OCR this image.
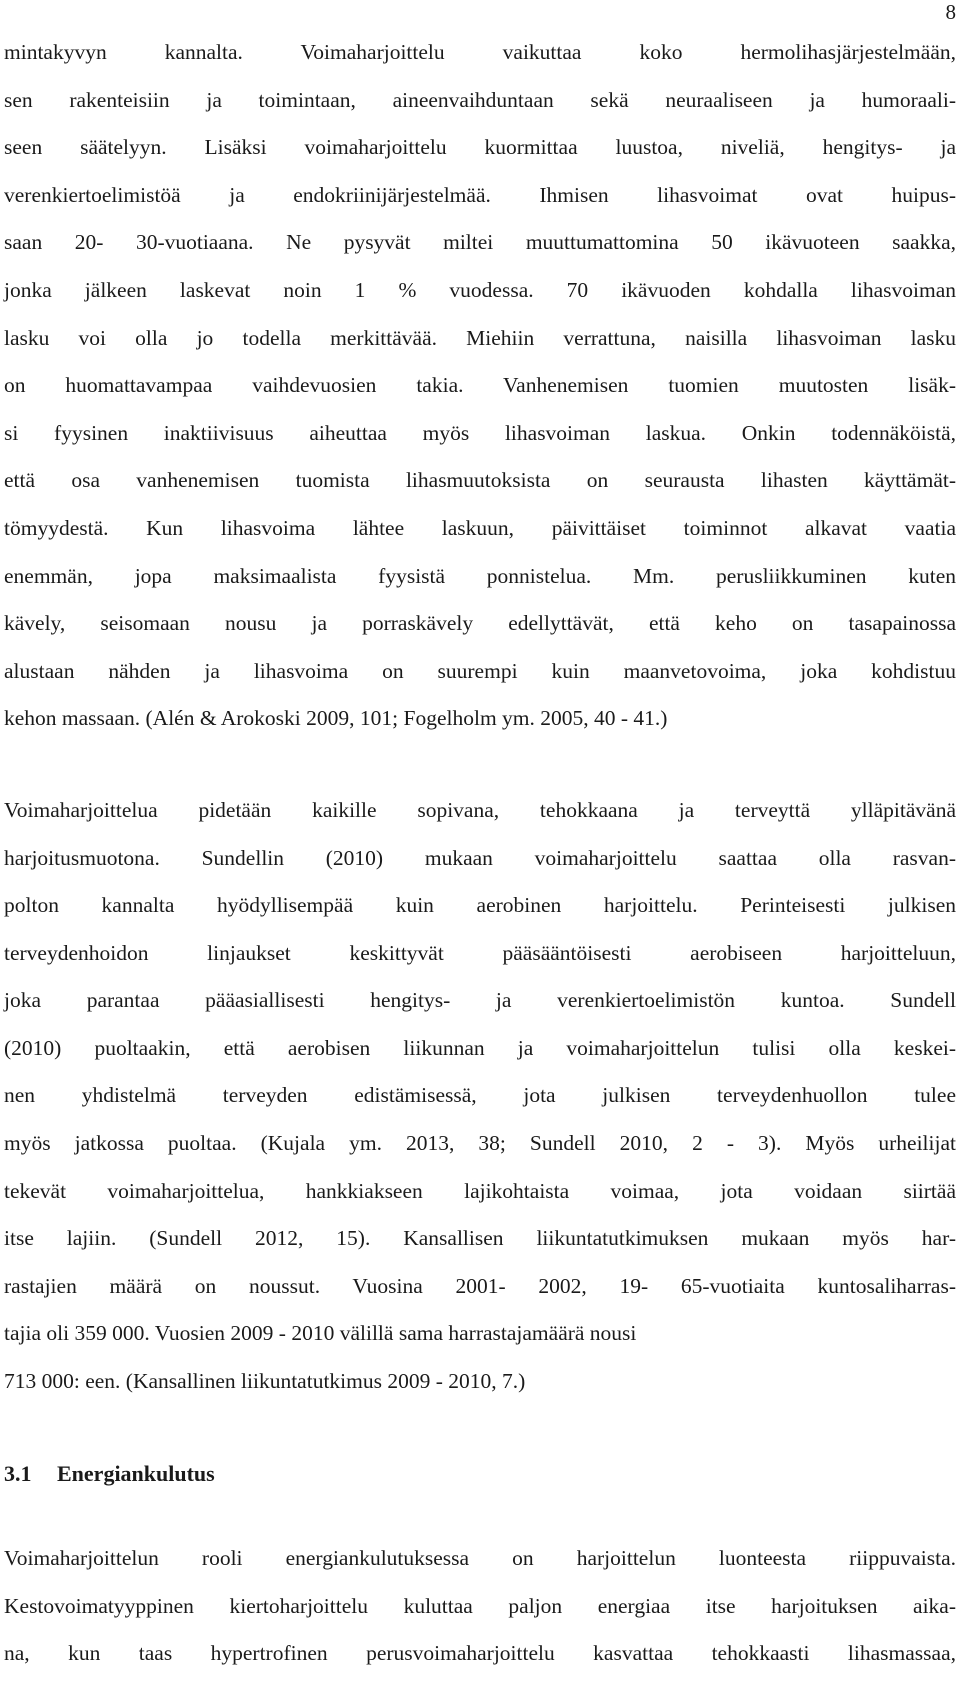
8
mintakyvyn kannalta. Voimaharjoittelu vaikuttaa koko hermolihasjärjestelmään,
sen rakenteisiin ja toimintaan, aineenvaihduntaan sekä neuraaliseen ja humoraali-
seen säätelyyn. Lisäksi voimaharjoittelu kuormittaa luustoa, niveliä, hengitys- ja
verenkiertoelimistöä ja endokriinijärjestelmää. Ihmisen lihasvoimat ovat huipus-
saan 20- 30-vuotiaana. Ne pysyvät miltei muuttumattomina 50 ikävuoteen saakka,
jonka jälkeen laskevat noin 1 % vuodessa. 70 ikävuoden kohdalla lihasvoiman
lasku voi olla jo todella merkittävää. Miehiin verrattuna, naisilla lihasvoiman lasku
on huomattavampaa vaihdevuosien takia. Vanhenemisen tuomien muutosten lisäk-
si fyysinen inaktiivisuus aiheuttaa myös lihasvoiman laskua. Onkin todennäköistä,
että osa vanhenemisen tuomista lihasmuutoksista on seurausta lihasten käyttämät-
tömyydestä. Kun lihasvoima lähtee laskuun, päivittäiset toiminnot alkavat vaatia
enemmän, jopa maksimaalista fyysistä ponnistelua. Mm. perusliikkuminen kuten
kävely, seisomaan nousu ja porraskävely edellyttävät, että keho on tasapainossa
alustaan nähden ja lihasvoima on suurempi kuin maanvetovoima, joka kohdistuu
kehon massaan. (Alén & Arokoski 2009, 101; Fogelholm ym. 2005, 40 - 41.)
Voimaharjoittelua pidetään kaikille sopivana, tehokkaana ja terveyttä ylläpitävänä
harjoitusmuotona. Sundellin (2010) mukaan voimaharjoittelu saattaa olla rasvan-
polton kannalta hyödyllisempää kuin aerobinen harjoittelu. Perinteisesti julkisen
terveydenhoidon linjaukset keskittyvät pääsääntöisesti aerobiseen harjoitteluun,
joka parantaa pääasiallisesti hengitys- ja verenkiertoelimistön kuntoa. Sundell
(2010) puoltaakin, että aerobisen liikunnan ja voimaharjoittelun tulisi olla keskei-
nen yhdistelmä terveyden edistämisessä, jota julkisen terveydenhuollon tulee
myös jatkossa puoltaa. (Kujala ym. 2013, 38; Sundell 2010, 2 - 3). Myös urheilijat
tekevät voimaharjoittelua, hankkiakseen lajikohtaista voimaa, jota voidaan siirtää
itse lajiin. (Sundell 2012, 15). Kansallisen liikuntatutkimuksen mukaan myös har-
rastajien määrä on noussut. Vuosina 2001- 2002, 19- 65-vuotiaita kuntosaliharras-
tajia oli 359 000. Vuosien 2009 - 2010 välillä sama harrastajamäärä nousi
713 000: een. (Kansallinen liikuntatutkimus 2009 - 2010, 7.)
3.1 Energiankulutus
Voimaharjoittelun rooli energiankulutuksessa on harjoittelun luonteesta riippuvaista.
Kestovoimatyyppinen kiertoharjoittelu kuluttaa paljon energiaa itse harjoituksen aika-
na, kun taas hypertrofinen perusvoimaharjoittelu kasvattaa tehokkaasti lihasmassaa,
